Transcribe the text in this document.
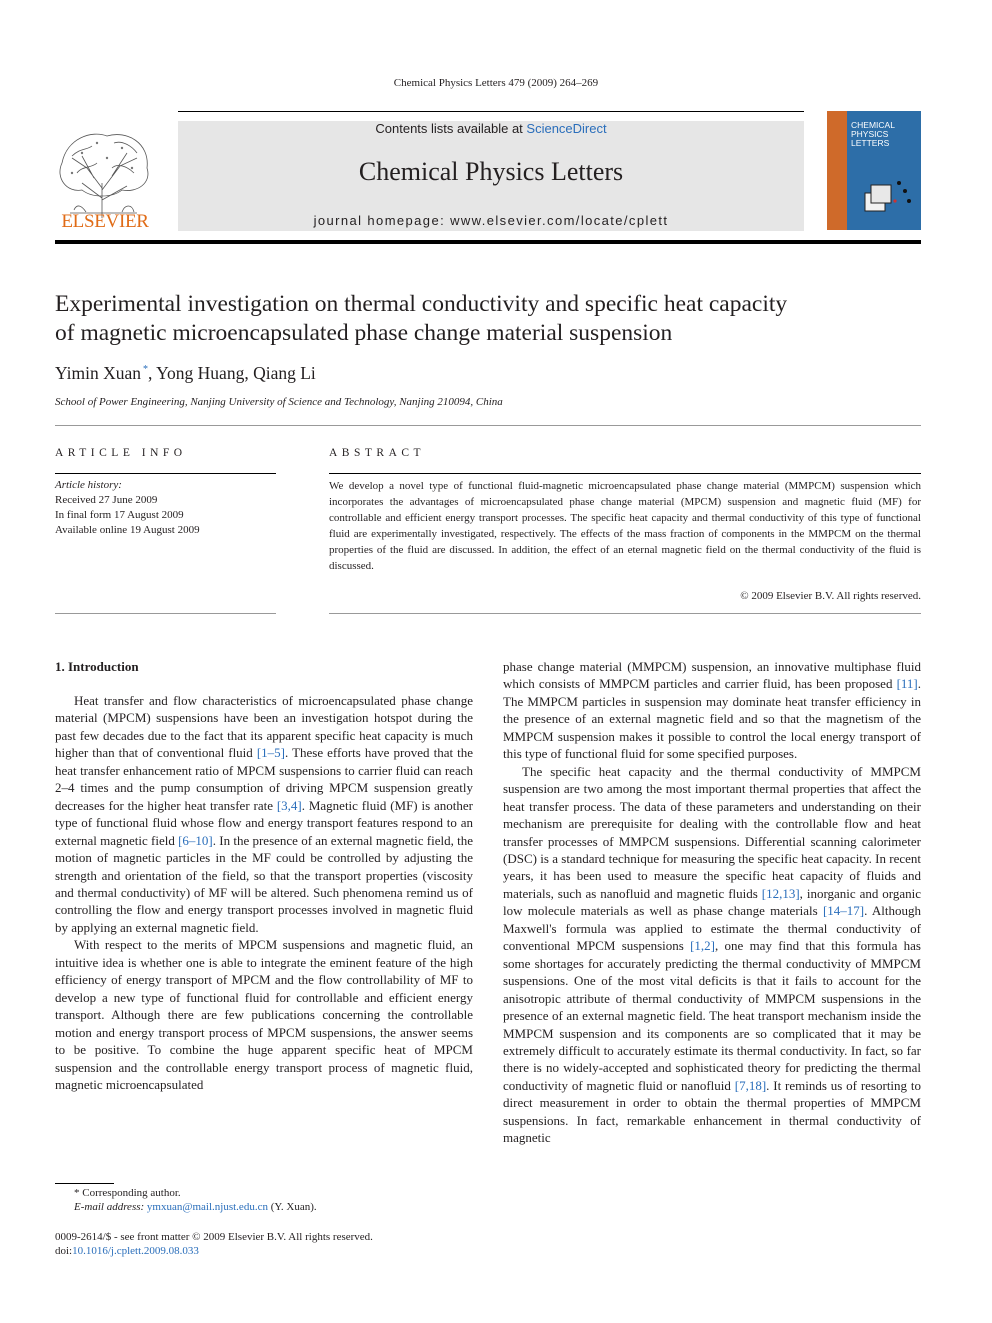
Chemical Physics Letters 479 (2009) 264–269
ELSEVIER
Contents lists available at ScienceDirect
Chemical Physics Letters
journal homepage: www.elsevier.com/locate/cplett
CHEMICAL
PHYSICS
LETTERS
Experimental investigation on thermal conductivity and specific heat capacity
of magnetic microencapsulated phase change material suspension
Yimin Xuan *, Yong Huang, Qiang Li
School of Power Engineering, Nanjing University of Science and Technology, Nanjing 210094, China
ARTICLE INFO	ABSTRACT
Article history:
Received 27 June 2009
In final form 17 August 2009
Available online 19 August 2009
We develop a novel type of functional fluid-magnetic microencapsulated phase change material (MMPCM) suspension which incorporates the advantages of microencapsulated phase change material (MPCM) suspension and magnetic fluid (MF) for controllable and efficient energy transport processes. The specific heat capacity and thermal conductivity of this type of functional fluid are experimentally investigated, respectively. The effects of the mass fraction of components in the MMPCM on the thermal properties of the fluid are discussed. In addition, the effect of an eternal magnetic field on the thermal conductivity of the fluid is discussed.
© 2009 Elsevier B.V. All rights reserved.
1. Introduction

Heat transfer and flow characteristics of microencapsulated phase change material (MPCM) suspensions have been an investigation hotspot during the past few decades due to the fact that its apparent specific heat capacity is much higher than that of conventional fluid [1–5]. These efforts have proved that the heat transfer enhancement ratio of MPCM suspensions to carrier fluid can reach 2–4 times and the pump consumption of driving MPCM suspension greatly decreases for the higher heat transfer rate [3,4]. Magnetic fluid (MF) is another type of functional fluid whose flow and energy transport features respond to an external magnetic field [6–10]. In the presence of an external magnetic field, the motion of magnetic particles in the MF could be controlled by adjusting the strength and orientation of the field, so that the transport properties (viscosity and thermal conductivity) of MF will be altered. Such phenomena remind us of controlling the flow and energy transport processes involved in magnetic fluid by applying an external magnetic field.

With respect to the merits of MPCM suspensions and magnetic fluid, an intuitive idea is whether one is able to integrate the eminent feature of the high efficiency of energy transport of MPCM and the flow controllability of MF to develop a new type of functional fluid for controllable and efficient energy transport. Although there are few publications concerning the controllable motion and energy transport process of MPCM suspensions, the answer seems to be positive. To combine the huge apparent specific heat of MPCM suspension and the controllable energy transport process of magnetic fluid, magnetic microencapsulated

phase change material (MMPCM) suspension, an innovative multiphase fluid which consists of MMPCM particles and carrier fluid, has been proposed [11]. The MMPCM particles in suspension may dominate heat transfer efficiency in the presence of an external magnetic field and so that the magnetism of the MMPCM suspension makes it possible to control the local energy transport of this type of functional fluid for some specified purposes.

The specific heat capacity and the thermal conductivity of MMPCM suspension are two among the most important thermal properties that affect the heat transfer process. The data of these parameters and understanding on their mechanism are prerequisite for dealing with the controllable flow and heat transfer processes of MMPCM suspensions. Differential scanning calorimeter (DSC) is a standard technique for measuring the specific heat capacity. In recent years, it has been used to measure the specific heat capacity of fluids and materials, such as nanofluid and magnetic fluids [12,13], inorganic and organic low molecule materials as well as phase change materials [14–17]. Although Maxwell's formula was applied to estimate the thermal conductivity of conventional MPCM suspensions [1,2], one may find that this formula has some shortages for accurately predicting the thermal conductivity of MMPCM suspensions. One of the most vital deficits is that it fails to account for the anisotropic attribute of thermal conductivity of MMPCM suspensions in the presence of an external magnetic field. The heat transport mechanism inside the MMPCM suspension and its components are so complicated that it may be extremely difficult to accurately estimate its thermal conductivity. In fact, so far there is no widely-accepted and sophisticated theory for predicting the thermal conductivity of magnetic fluid or nanofluid [7,18]. It reminds us of resorting to direct measurement in order to obtain the thermal properties of MMPCM suspensions. In fact, remarkable enhancement in thermal conductivity of magnetic

* Corresponding author.
E-mail address: ymxuan@mail.njust.edu.cn (Y. Xuan).
0009-2614/$ - see front matter © 2009 Elsevier B.V. All rights reserved.
doi:10.1016/j.cplett.2009.08.033
